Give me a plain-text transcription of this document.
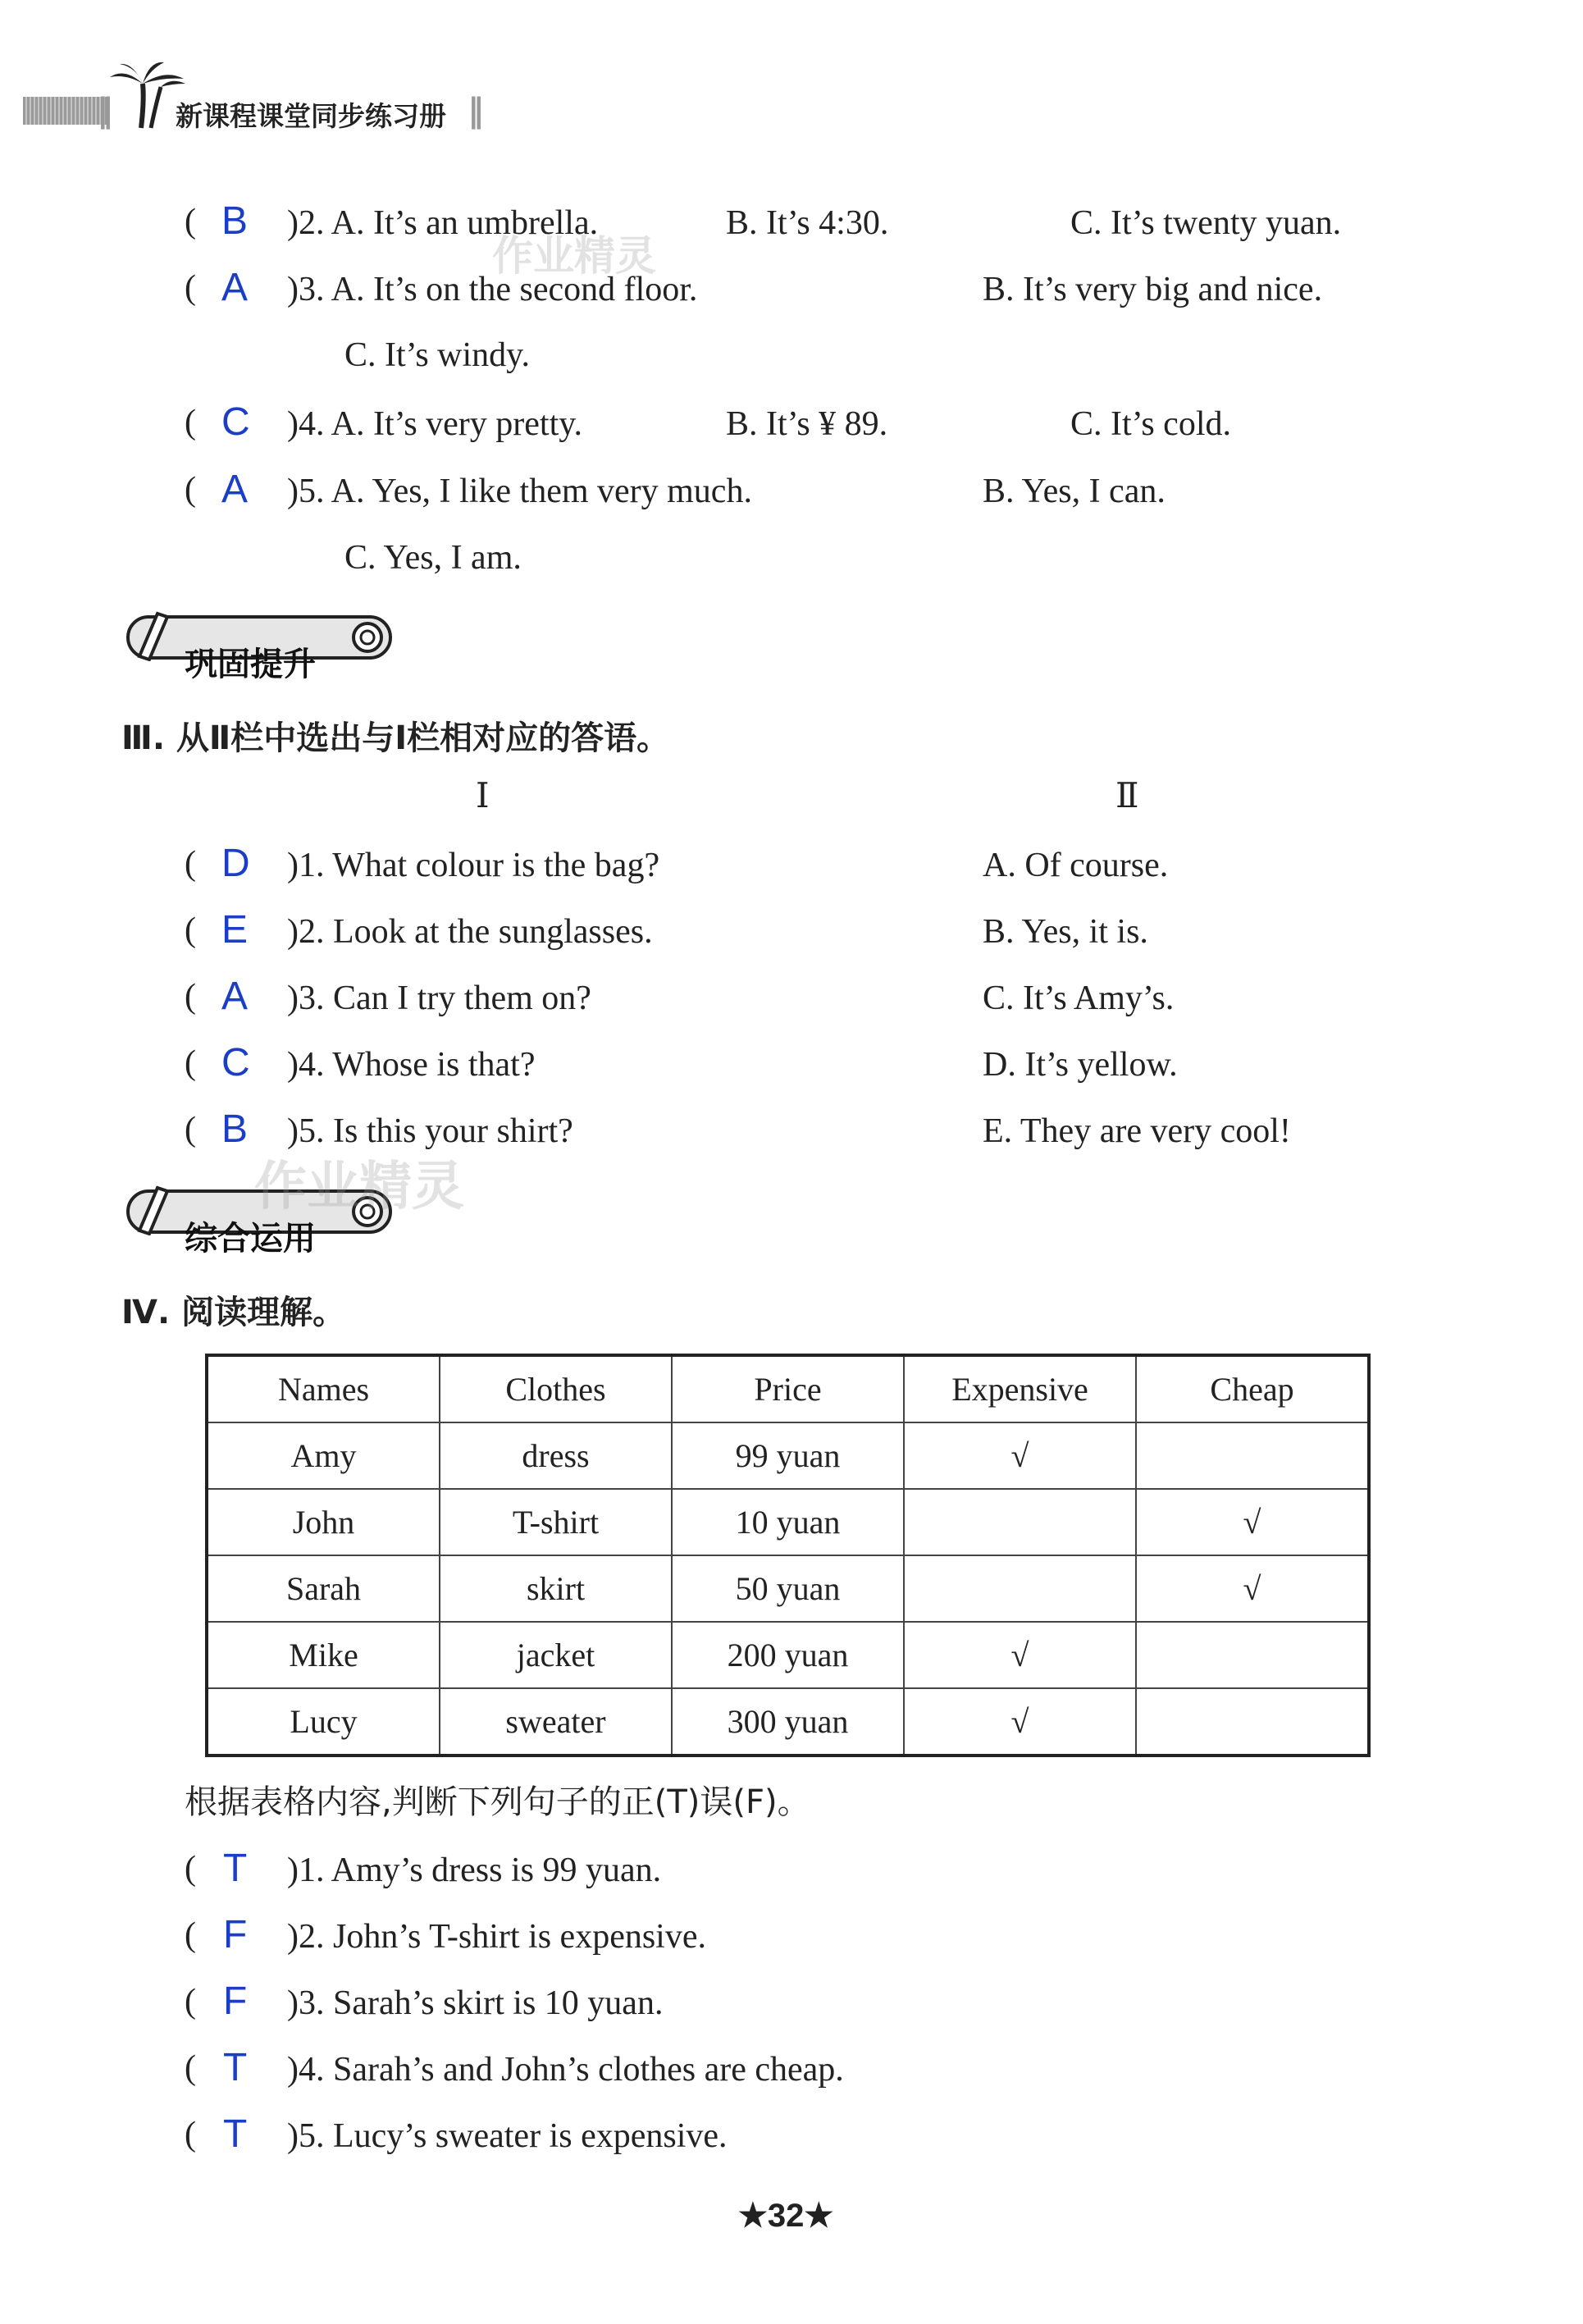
‖ 新课程课堂同步练习册 ‖
( B )2. A. It’s an umbrella.	B. It’s 4:30.	C. It’s twenty yuan.
( A )3. A. It’s on the second floor.	B. It’s very big and nice.
C. It’s windy.
( C )4. A. It’s very pretty.	B. It’s ¥ 89.	C. It’s cold.
( A )5. A. Yes, I like them very much.	B. Yes, I can.
C. Yes, I am.
巩固提升
Ⅲ. 从Ⅱ栏中选出与Ⅰ栏相对应的答语。
Ⅰ	Ⅱ
( D )1. What colour is the bag?	A. Of course.
( E )2. Look at the sunglasses.	B. Yes, it is.
( A )3. Can I try them on?	C. It’s Amy’s.
( C )4. Whose is that?	D. It’s yellow.
( B )5. Is this your shirt?	E. They are very cool!
综合运用
Ⅳ. 阅读理解。
Names	Clothes	Price	Expensive	Cheap
Amy	dress	99 yuan	√	
John	T-shirt	10 yuan		√
Sarah	skirt	50 yuan		√
Mike	jacket	200 yuan	√	
Lucy	sweater	300 yuan	√	
根据表格内容,判断下列句子的正(T)误(F)。
( T )1. Amy’s dress is 99 yuan.
( F )2. John’s T-shirt is expensive.
( F )3. Sarah’s skirt is 10 yuan.
( T )4. Sarah’s and John’s clothes are cheap.
( T )5. Lucy’s sweater is expensive.
作业精灵
作业精灵
★32★
